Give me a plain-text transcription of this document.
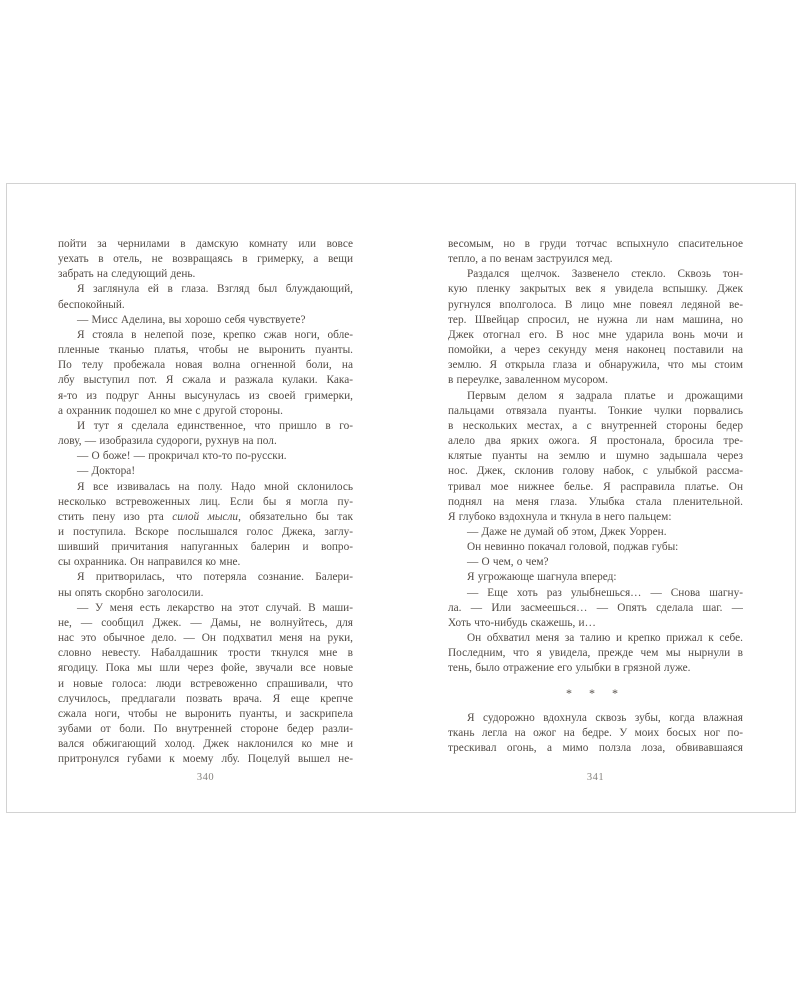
пойти за чернилами в дамскую комнату или вовсе
уехать в отель, не возвращаясь в гримерку, а вещи
забрать на следующий день.
Я заглянула ей в глаза. Взгляд был блуждающий,
беспокойный.
— Мисс Аделина, вы хорошо себя чувствуете?
Я стояла в нелепой позе, крепко сжав ноги, обле-
пленные тканью платья, чтобы не выронить пуанты.
По телу пробежала новая волна огненной боли, на
лбу выступил пот. Я сжала и разжала кулаки. Кака-
я-то из подруг Анны высунулась из своей гримерки,
а охранник подошел ко мне с другой стороны.
И тут я сделала единственное, что пришло в го-
лову, — изобразила судороги, рухнув на пол.
— О боже! — прокричал кто-то по-русски.
— Доктора!
Я все извивалась на полу. Надо мной склонилось
несколько встревоженных лиц. Если бы я могла пу-
стить пену изо рта силой мысли, обязательно бы так
и поступила. Вскоре послышался голос Джека, заглу-
шивший причитания напуганных балерин и вопро-
сы охранника. Он направился ко мне.
Я притворилась, что потеряла сознание. Балери-
ны опять скорбно заголосили.
— У меня есть лекарство на этот случай. В маши-
не, — сообщил Джек. — Дамы, не волнуйтесь, для
нас это обычное дело. — Он подхватил меня на руки,
словно невесту. Набалдашник трости ткнулся мне в
ягодицу. Пока мы шли через фойе, звучали все новые
и новые голоса: люди встревоженно спрашивали, что
случилось, предлагали позвать врача. Я еще крепче
сжала ноги, чтобы не выронить пуанты, и заскрипела
зубами от боли. По внутренней стороне бедер разли-
вался обжигающий холод. Джек наклонился ко мне и
притронулся губами к моему лбу. Поцелуй вышел не-
340
весомым, но в груди тотчас вспыхнуло спасительное
тепло, а по венам заструился мед.
Раздался щелчок. Зазвенело стекло. Сквозь тон-
кую пленку закрытых век я увидела вспышку. Джек
ругнулся вполголоса. В лицо мне повеял ледяной ве-
тер. Швейцар спросил, не нужна ли нам машина, но
Джек отогнал его. В нос мне ударила вонь мочи и
помойки, а через секунду меня наконец поставили на
землю. Я открыла глаза и обнаружила, что мы стоим
в переулке, заваленном мусором.
Первым делом я задрала платье и дрожащими
пальцами отвязала пуанты. Тонкие чулки порвались
в нескольких местах, а с внутренней стороны бедер
алело два ярких ожога. Я простонала, бросила тре-
клятые пуанты на землю и шумно задышала через
нос. Джек, склонив голову набок, с улыбкой рассма-
тривал мое нижнее белье. Я расправила платье. Он
поднял на меня глаза. Улыбка стала пленительной.
Я глубоко вздохнула и ткнула в него пальцем:
— Даже не думай об этом, Джек Уоррен.
Он невинно покачал головой, поджав губы:
— О чем, о чем?
Я угрожающе шагнула вперед:
— Еще хоть раз улыбнешься… — Снова шагну-
ла. — Или засмеешься… — Опять сделала шаг. —
Хоть что-нибудь скажешь, и…
Он обхватил меня за талию и крепко прижал к себе.
Последним, что я увидела, прежде чем мы нырнули в
тень, было отражение его улыбки в грязной луже.
* * *
Я судорожно вдохнула сквозь зубы, когда влажная
ткань легла на ожог на бедре. У моих босых ног по-
трескивал огонь, а мимо ползла лоза, обвивавшаяся
341
